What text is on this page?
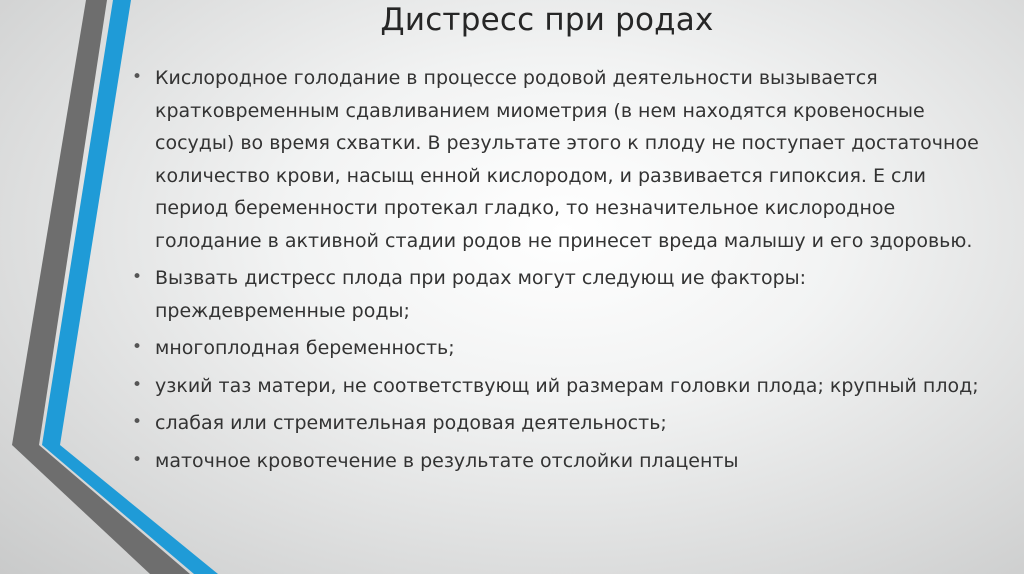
Дистресс при родах
• Кислородное голодание в процессе родовой деятельности вызывается кратковременным сдавливанием миометрия (в нем находятся кровеносные сосуды) во время схватки. В результате этого к плоду не поступает достаточное количество крови, насыщ енной кислородом, и развивается гипоксия. Е сли период беременности протекал гладко, то незначительное кислородное голодание в активной стадии родов не принесет вреда малышу и его здоровью.
• Вызвать дистресс плода при родах могут следующ ие факторы: преждевременные роды;
• многоплодная беременность;
• узкий таз матери, не соответствующ ий размерам головки плода; крупный плод;
• слабая или стремительная родовая деятельность;
• маточное кровотечение в результате отслойки плаценты
